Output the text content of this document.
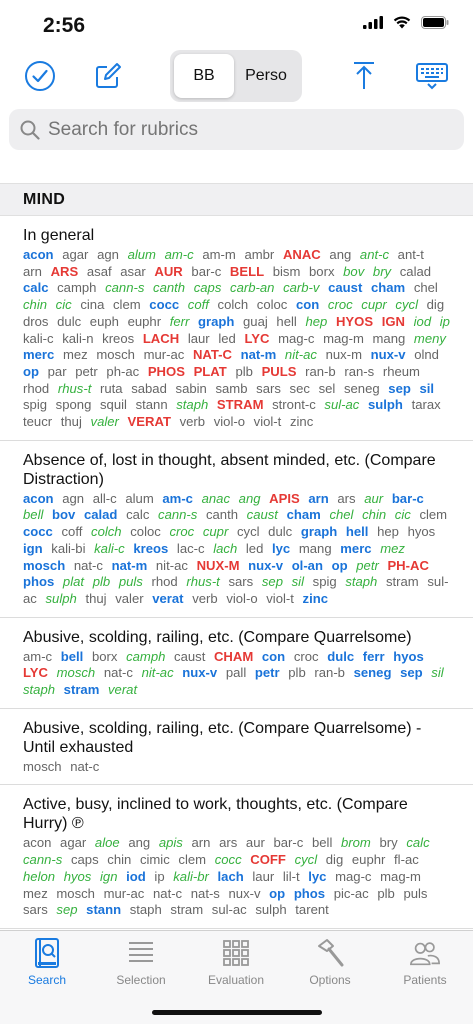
2:56
BB	Perso
Search for rubrics
MIND
In general
acon agar agn alum am-c am-m ambr ANAC ang ant-c ant-t arn ARS asaf asar AUR bar-c BELL bism borx bov bry calad calc camph cann-s canth caps carb-an carb-v caust cham chel chin cic cina clem cocc coff colch coloc con croc cupr cycl dig dros dulc euph euphr ferr graph guaj hell hep HYOS IGN iod ip kali-c kali-n kreos LACH laur led LYC mag-c mag-m mang meny merc mez mosch mur-ac NAT-C nat-m nit-ac nux-m nux-v olnd op par petr ph-ac PHOS PLAT plb PULS ran-b ran-s rheum rhod rhus-t ruta sabad sabin samb sars sec sel seneg sep sil spig spong squil stann staph STRAM stront-c sul-ac sulph tarax teucr thuj valer VERAT verb viol-o viol-t zinc
Absence of, lost in thought, absent minded, etc. (Compare Distraction)
acon agn all-c alum am-c anac ang APIS arn ars aur bar-c bell bov calad calc cann-s canth caust cham chel chin cic clem cocc coff colch coloc croc cupr cycl dulc graph hell hep hyos ign kali-bi kali-c kreos lac-c lach led lyc mang merc mez mosch nat-c nat-m nit-ac NUX-M nux-v ol-an op petr PH-AC phos plat plb puls rhod rhus-t sars sep sil spig staph stram sul-ac sulph thuj valer verat verb viol-o viol-t zinc
Abusive, scolding, railing, etc. (Compare Quarrelsome)
am-c bell borx camph caust CHAM con croc dulc ferr hyos LYC mosch nat-c nit-ac nux-v pall petr plb ran-b seneg sep sil staph stram verat
Abusive, scolding, railing, etc. (Compare Quarrelsome) - Until exhausted
mosch nat-c
Active, busy, inclined to work, thoughts, etc. (Compare Hurry) ℗
acon agar aloe ang apis arn ars aur bar-c bell brom bry calc cann-s caps chin cimic clem cocc COFF cycl dig euphr fl-ac helon hyos ign iod ip kali-br lach laur lil-t lyc mag-c mag-m mez mosch mur-ac nat-c nat-s nux-v op phos pic-ac plb puls sars sep stann staph stram sul-ac sulph tarent
Search	Selection	Evaluation	Options	Patients
